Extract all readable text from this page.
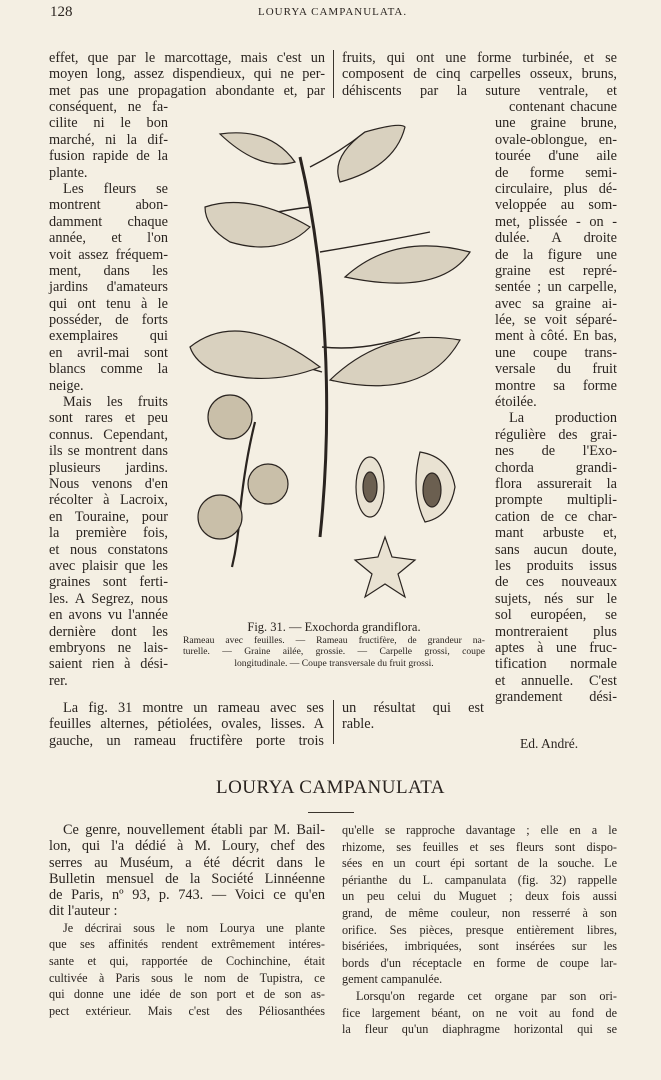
128	LOURYA CAMPANULATA.
effet, que par le marcottage, mais c'est un
moyen long, assez dispendieux, qui ne per-
met pas une propagation abondante et, par
fruits, qui ont une forme turbinée, et se
composent de cinq carpelles osseux, bruns,
déhiscents par la suture ventrale, et
conséquent, ne fa-
cilite ni le bon
marché, ni la dif-
fusion rapide de la
plante.
Les fleurs se
montrent abon-
damment chaque
année, et l'on
voit assez fréquem-
ment, dans les
jardins d'amateurs
qui ont tenu à le
posséder, de forts
exemplaires qui
en avril-mai sont
blancs comme la
neige.
Mais les fruits
sont rares et peu
connus. Cependant,
ils se montrent dans
plusieurs jardins.
Nous venons d'en
récolter à Lacroix,
en Touraine, pour
la première fois,
et nous constatons
avec plaisir que les
graines sont ferti-
les. A Segrez, nous
en avons vu l'année
dernière dont les
embryons ne lais-
saient rien à dési-
rer.
contenant chacune
une graine brune,
ovale-oblongue, en-
tourée d'une aile
de forme semi-
circulaire, plus dé-
veloppée au som-
met, plissée - on -
dulée. A droite
de la figure une
graine est repré-
sentée ; un carpelle,
avec sa graine ai-
lée, se voit séparé-
ment à côté. En bas,
une coupe trans-
versale du fruit
montre sa forme
étoilée.
La production
régulière des grai-
nes de l'Exo-
chorda grandi-
flora assurerait la
prompte multipli-
cation de ce char-
mant arbuste et,
sans aucun doute,
les produits issus
de ces nouveaux
sujets, nés sur le
sol européen, se
montreraient plus
aptes à une fruc-
tification normale
et annuelle. C'est
grandement dési-
Fig. 31. — Exochorda grandiflora.
Rameau avec feuilles. — Rameau fructifère, de grandeur na-
turelle. — Graine ailée, grossie. — Carpelle grossi, coupe
longitudinale. — Coupe transversale du fruit grossi.
La fig. 31 montre un rameau avec ses
feuilles alternes, pétiolées, ovales, lisses. A
gauche, un rameau fructifère porte trois
un résultat qui est
rable.
Ed. André.
LOURYA CAMPANULATA
Ce genre, nouvellement établi par M. Bail-
lon, qui l'a dédié à M. Loury, chef des
serres au Muséum, a été décrit dans le
Bulletin mensuel de la Société Linnéenne
de Paris, nº 93, p. 743. — Voici ce qu'en
dit l'auteur :
Je décrirai sous le nom Lourya une plante
que ses affinités rendent extrêmement intéres-
sante et qui, rapportée de Cochinchine, était
cultivée à Paris sous le nom de Tupistra, ce
qui donne une idée de son port et de son as-
pect extérieur. Mais c'est des Péliosanthées
qu'elle se rapproche davantage ; elle en a le
rhizome, ses feuilles et ses fleurs sont dispo-
sées en un court épi sortant de la souche. Le
périanthe du L. campanulata (fig. 32) rappelle
un peu celui du Muguet ; deux fois aussi
grand, de même couleur, non resserré à son
orifice. Ses pièces, presque entièrement libres,
bisériées, imbriquées, sont insérées sur les
bords d'un réceptacle en forme de coupe lar-
gement campanulée.
Lorsqu'on regarde cet organe par son ori-
fice largement béant, on ne voit au fond de
la fleur qu'un diaphragme horizontal qui se
